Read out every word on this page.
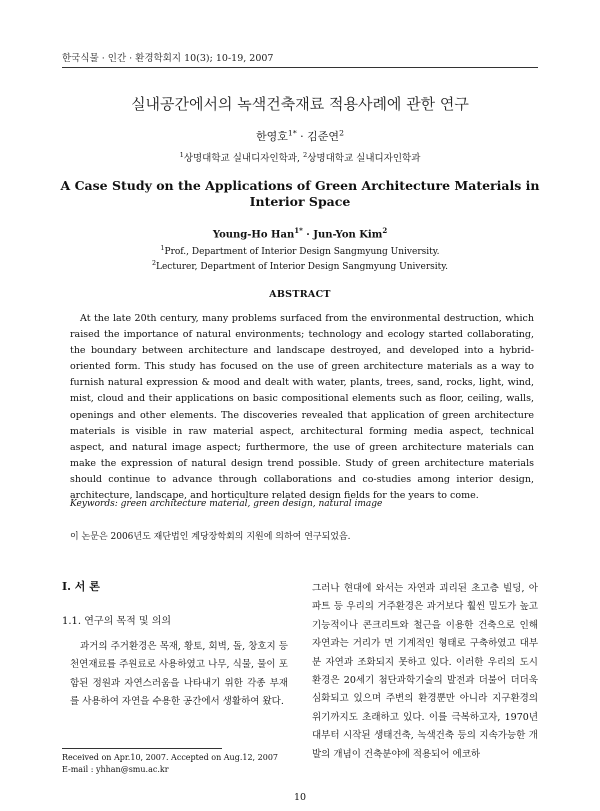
한국식물 · 인간 · 환경학회지 10(3); 10-19, 2007
실내공간에서의 녹색건축재료 적용사례에 관한 연구
한영호$^{1*}$ · 김준연$^2$
$^1$상명대학교 실내디자인학과, $^2$상명대학교 실내디자인학과
A Case Study on the Applications of Green Architecture Materials in Interior Space
Young-Ho Han$^{1*}$ · Jun-Yon Kim$^2$
$^1$Prof., Department of Interior Design Sangmyung University.
$^2$Lecturer, Department of Interior Design Sangmyung University.
ABSTRACT

At the late 20th century, many problems surfaced from the environmental destruction, which raised the importance of natural environments; technology and ecology started collaborating, the boundary between architecture and landscape destroyed, and developed into a hybrid-oriented form. This study has focused on the use of green architecture materials as a way to furnish natural expression & mood and dealt with water, plants, trees, sand, rocks, light, wind, mist, cloud and their applications on basic compositional elements such as floor, ceiling, walls, openings and other elements. The discoveries revealed that application of green architecture materials is visible in raw material aspect, architectural forming media aspect, technical aspect, and natural image aspect; furthermore, the use of green architecture materials can make the expression of natural design trend possible. Study of green architecture materials should continue to advance through collaborations and co-studies among interior design, architecture, landscape, and horticulture related design fields for the years to come.

Keywords: green architecture material, green design, natural image
이 논문은 2006년도 재단법인 계당장학회의 지원에 의하여 연구되었음.
I. 서 론
1.1. 연구의 목적 및 의의

과거의 주거환경은 목재, 황토, 회벽, 돌, 창호지 등 천연재료를 주원료로 사용하였고 나무, 식물, 물이 포함된 정원과 자연스러움을 나타내기 위한 각종 부재를 사용하여 자연을 수용한 공간에서 생활하여 왔다.

그러나 현대에 와서는 자연과 괴리된 초고층 빌딩, 아파트 등 우리의 거주환경은 과거보다 훨씬 밀도가 높고 기능적이나 콘크리트와 철근을 이용한 건축으로 인해 자연과는 거리가 먼 기계적인 형태로 구축하였고 대부분 자연과 조화되지 못하고 있다. 이러한 우리의 도시환경은 20세기 첨단과학기술의 발전과 더불어 더더욱 심화되고 있으며 주변의 환경뿐만 아니라 지구환경의 위기까지도 초래하고 있다. 이를 극복하고자, 1970년대부터 시작된 생태건축, 녹색건축 등의 지속가능한 개발의 개념이 건축분야에 적용되어 에코하

Received on Apr.10, 2007. Accepted on Aug.12, 2007
E-mail : yhhan@smu.ac.kr
10
